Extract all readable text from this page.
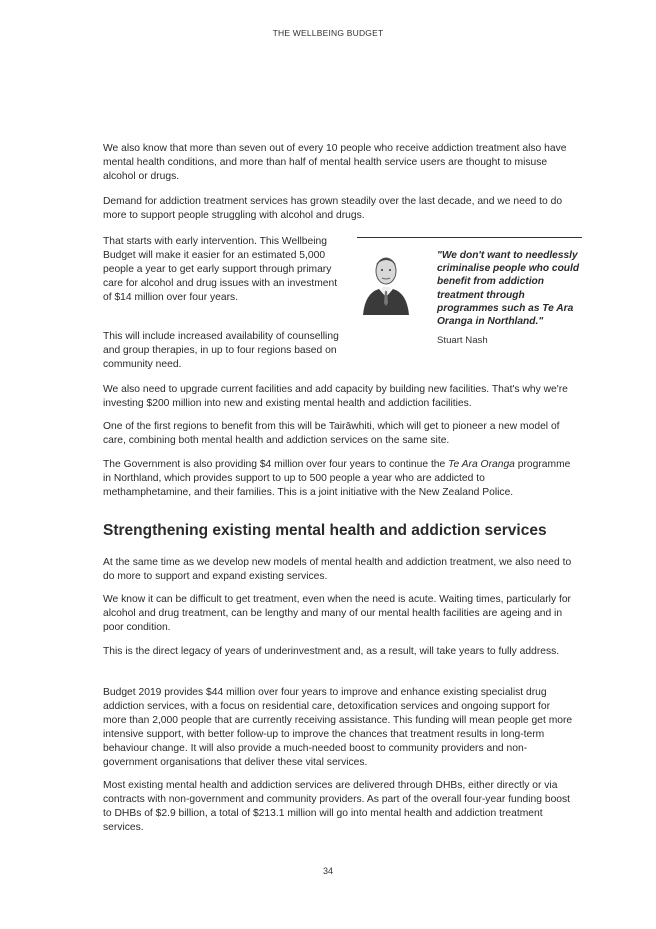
THE WELLBEING BUDGET

We also know that more than seven out of every 10 people who receive addiction treatment also have mental health conditions, and more than half of mental health service users are thought to misuse alcohol or drugs.

Demand for addiction treatment services has grown steadily over the last decade, and we need to do more to support people struggling with alcohol and drugs.

That starts with early intervention. This Wellbeing Budget will make it easier for an estimated 5,000 people a year to get early support through primary care for alcohol and drug issues with an investment of $14 million over four years.

This will include increased availability of counselling and group therapies, in up to four regions based on community need.

"We don't want to needlessly criminalise people who could benefit from addiction treatment through programmes such as Te Ara Oranga in Northland."

Stuart Nash

We also need to upgrade current facilities and add capacity by building new facilities. That's why we're investing $200 million into new and existing mental health and addiction facilities.

One of the first regions to benefit from this will be Tairāwhiti, which will get to pioneer a new model of care, combining both mental health and addiction services on the same site.

The Government is also providing $4 million over four years to continue the Te Ara Oranga programme in Northland, which provides support to up to 500 people a year who are addicted to methamphetamine, and their families. This is a joint initiative with the New Zealand Police.

Strengthening existing mental health and addiction services

At the same time as we develop new models of mental health and addiction treatment, we also need to do more to support and expand existing services.

We know it can be difficult to get treatment, even when the need is acute. Waiting times, particularly for alcohol and drug treatment, can be lengthy and many of our mental health facilities are ageing and in poor condition.

This is the direct legacy of years of underinvestment and, as a result, will take years to fully address.

Budget 2019 provides $44 million over four years to improve and enhance existing specialist drug addiction services, with a focus on residential care, detoxification services and ongoing support for more than 2,000 people that are currently receiving assistance. This funding will mean people get more intensive support, with better follow-up to improve the chances that treatment results in long-term behaviour change. It will also provide a much-needed boost to community providers and non-government organisations that deliver these vital services.

Most existing mental health and addiction services are delivered through DHBs, either directly or via contracts with non-government and community providers. As part of the overall four-year funding boost to DHBs of $2.9 billion, a total of $213.1 million will go into mental health and addiction treatment services.

34
